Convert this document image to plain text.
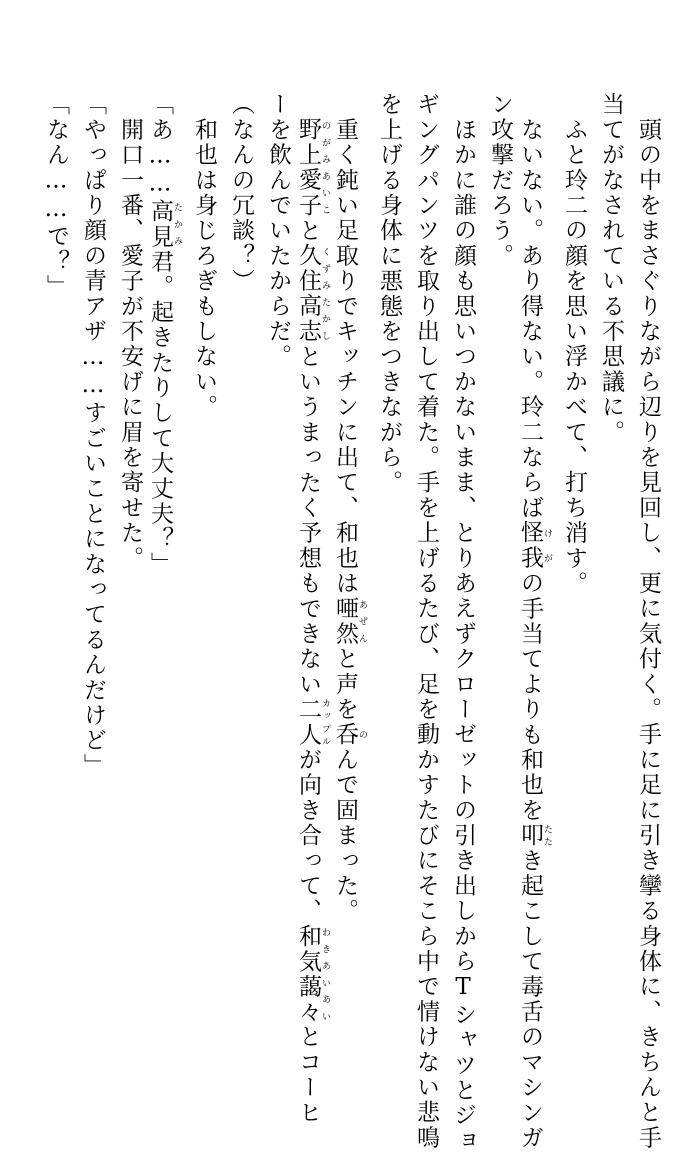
　頭の中をまさぐりながら辺りを見回し、更に気付く。手に足に引き攣る身体に、きちんと手
当てがなされている不思議に。
　ふと玲二の顔を思い浮かべて、打ち消す。
　ないない。あり得ない。玲二ならば怪我 けがの手当てよりも和也を叩 たたき起こして毒舌のマシンガ
ン攻撃だろう。
　ほかに誰の顔も思いつかないまま、とりあえずクローゼットの引き出しからTシャツとジョ
ギングパンツを取り出して着た。手を上げるたび、足を動かすたびにそこら中で情けない悲鳴
を上げる身体に悪態をつきながら。
　重く鈍い足取りでキッチンに出て、和也は唖然 あぜんと声を呑 のんで固まった。
　野上愛子 のがみあいこと久住高志 くずみたかしというまったく予想もできない二人 カップルが向き合って、和気藹々 わきあいあいとコーヒ
ーを飲んでいたからだ。
（なんの冗談？）
　和也は身じろぎもしない。
「あ……高見 たかみ君。起きたりして大丈夫？」
　開口一番、愛子が不安げに眉を寄せた。
「やっぱり顔の青アザ……すごいことになってるんだけど」
「なん……で？」
